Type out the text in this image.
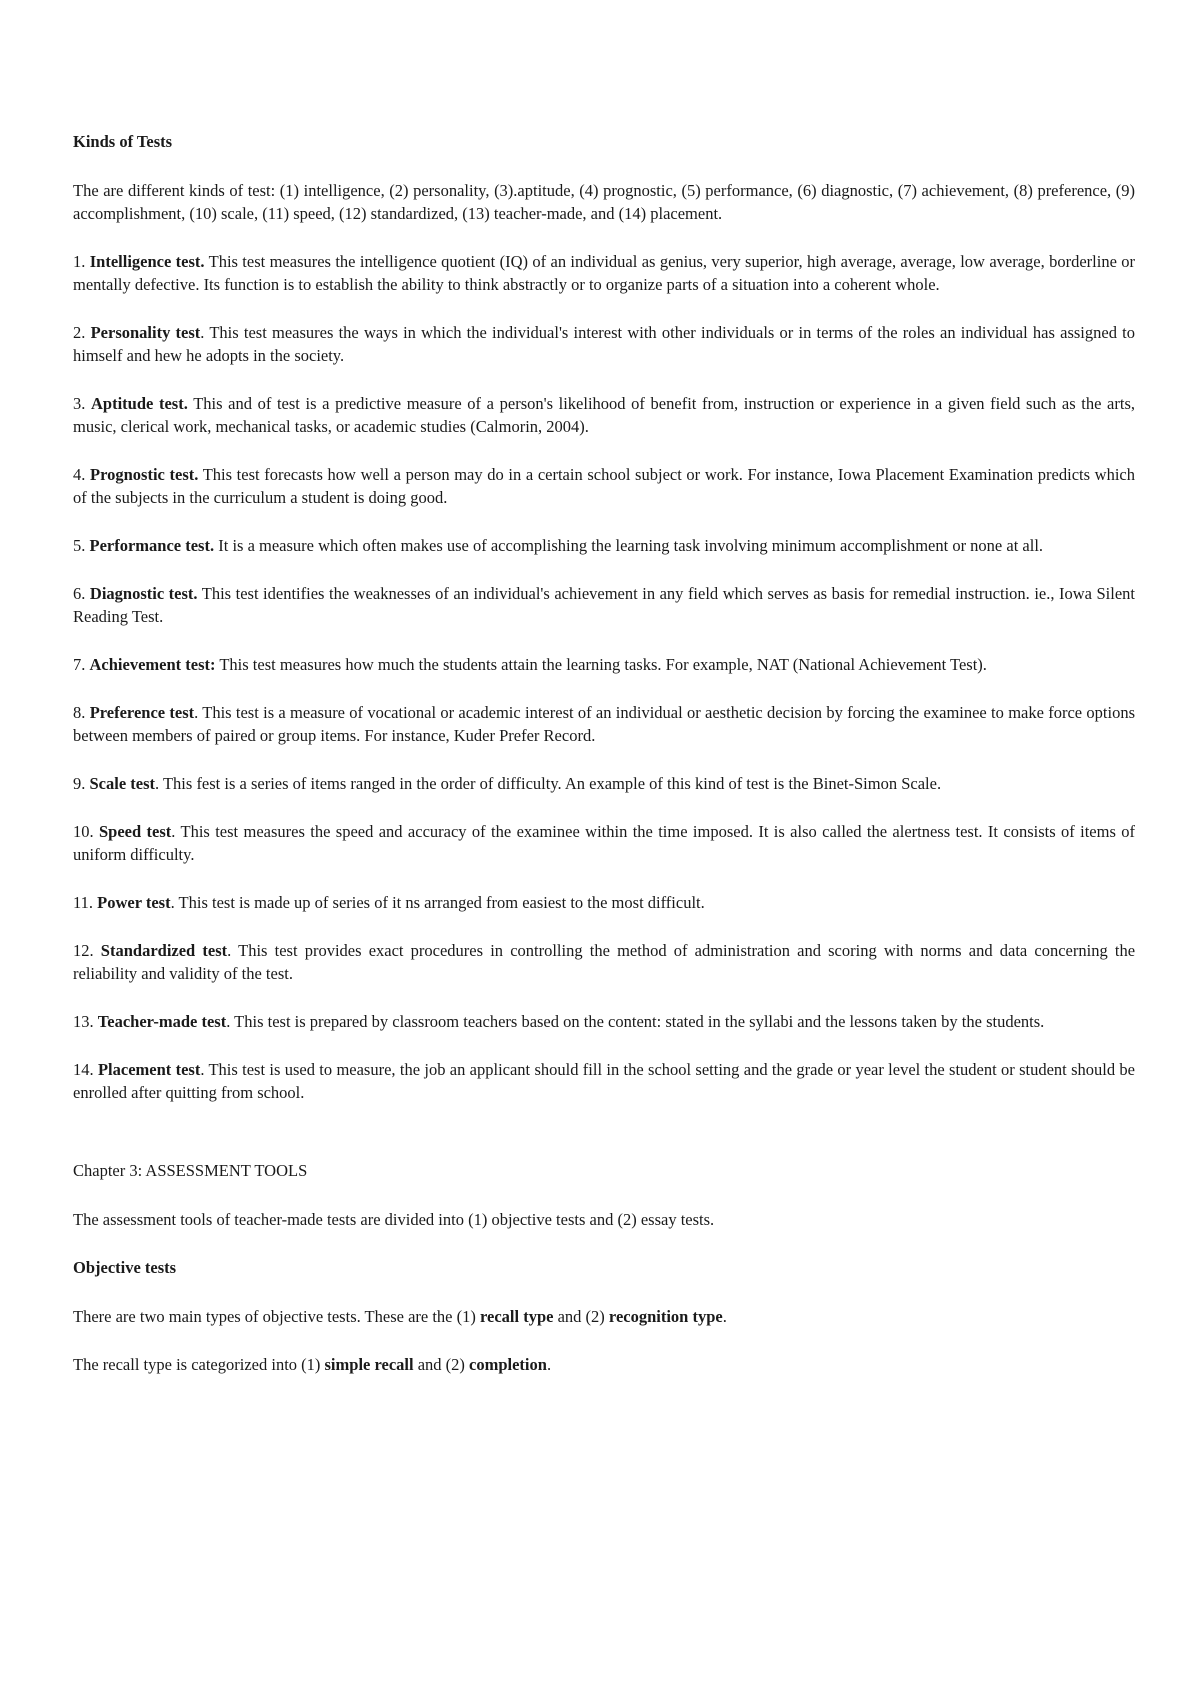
Kinds of Tests

The are different kinds of test: (1) intelligence, (2) personality, (3).aptitude, (4) prognostic, (5) performance, (6) diagnostic, (7) achievement, (8) preference, (9) accomplishment, (10) scale, (11) speed, (12) standardized, (13) teacher-made, and (14) placement.

1. Intelligence test. This test measures the intelligence quotient (IQ) of an individual as genius, very superior, high average, average, low average, borderline or mentally defective. Its function is to establish the ability to think abstractly or to organize parts of a situation into a coherent whole.

2. Personality test. This test measures the ways in which the individual's interest with other individuals or in terms of the roles an individual has assigned to himself and hew he adopts in the society.

3. Aptitude test. This and of test is a predictive measure of a person's likelihood of benefit from, instruction or experience in a given field such as the arts, music, clerical work, mechanical tasks, or academic studies (Calmorin, 2004).

4. Prognostic test. This test forecasts how well a person may do in a certain school subject or work. For instance, Iowa Placement Examination predicts which of the subjects in the curriculum a student is doing good.

5. Performance test. It is a measure which often makes use of accomplishing the learning task involving minimum accomplishment or none at all.

6. Diagnostic test. This test identifies the weaknesses of an individual's achievement in any field which serves as basis for remedial instruction. ie., Iowa Silent Reading Test.

7. Achievement test: This test measures how much the students attain the learning tasks. For example, NAT (National Achievement Test).

8. Preference test. This test is a measure of vocational or academic interest of an individual or aesthetic decision by forcing the examinee to make force options between members of paired or group items. For instance, Kuder Prefer Record.

9. Scale test. This fest is a series of items ranged in the order of difficulty. An example of this kind of test is the Binet-Simon Scale.

10. Speed test. This test measures the speed and accuracy of the examinee within the time imposed. It is also called the alertness test. It consists of items of uniform difficulty.

11. Power test. This test is made up of series of it ns arranged from easiest to the most difficult.

12. Standardized test. This test provides exact procedures in controlling the method of administration and scoring with norms and data concerning the reliability and validity of the test.

13. Teacher-made test. This test is prepared by classroom teachers based on the content: stated in the syllabi and the lessons taken by the students.

14. Placement test. This test is used to measure, the job an applicant should fill in the school setting and the grade or year level the student or student should be enrolled after quitting from school.

Chapter 3: ASSESSMENT TOOLS

The assessment tools of teacher-made tests are divided into (1) objective tests and (2) essay tests.

Objective tests

There are two main types of objective tests. These are the (1) recall type and (2) recognition type.

The recall type is categorized into (1) simple recall and (2) completion.
